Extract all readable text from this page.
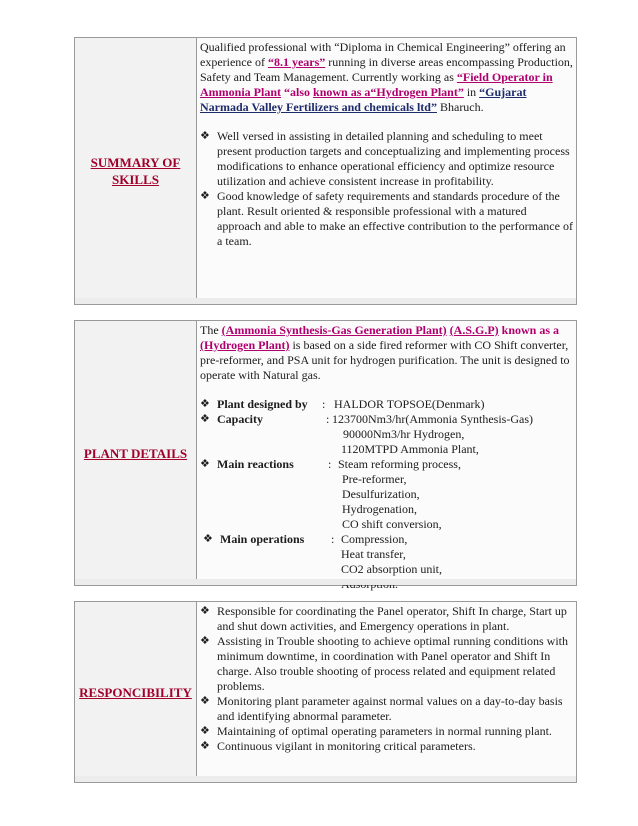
SUMMARY OF SKILLS

Qualified professional with “Diploma in Chemical Engineering” offering an experience of “8.1 years” running in diverse areas encompassing Production, Safety and Team Management. Currently working as “Field Operator in Ammonia Plant “also known as a“Hydrogen Plant” in “Gujarat Narmada Valley Fertilizers and chemicals ltd” Bharuch.

❖ Well versed in assisting in detailed planning and scheduling to meet present production targets and conceptualizing and implementing process modifications to enhance operational efficiency and optimize resource utilization and achieve consistent increase in profitability.
❖ Good knowledge of safety requirements and standards procedure of the plant. Result oriented & responsible professional with a matured approach and able to make an effective contribution to the performance of a team.
PLANT DETAILS

The (Ammonia Synthesis-Gas Generation Plant) (A.S.G.P) known as a (Hydrogen Plant) is based on a side fired reformer with CO Shift converter, pre-reformer, and PSA unit for hydrogen purification. The unit is designed to operate with Natural gas.

❖ Plant designed by	: HALDOR TOPSOE(Denmark)
❖ Capacity	: 123700Nm3/hr(Ammonia Synthesis-Gas)
90000Nm3/hr Hydrogen,
1120MTPD Ammonia Plant,
❖ Main reactions	: Steam reforming process,
Pre-reformer,
Desulfurization,
Hydrogenation,
CO shift conversion,
❖ Main operations	: Compression,
Heat transfer,
CO2 absorption unit,
RESPONCIBILITY
❖ Responsible for coordinating the Panel operator, Shift In charge, Start up and shut down activities, and Emergency operations in plant.
❖ Assisting in Trouble shooting to achieve optimal running conditions with minimum downtime, in coordination with Panel operator and Shift In charge. Also trouble shooting of process related and equipment related problems.
❖ Monitoring plant parameter against normal values on a day-to-day basis and identifying abnormal parameter.
❖ Maintaining of optimal operating parameters in normal running plant.
❖ Continuous vigilant in monitoring critical parameters.
